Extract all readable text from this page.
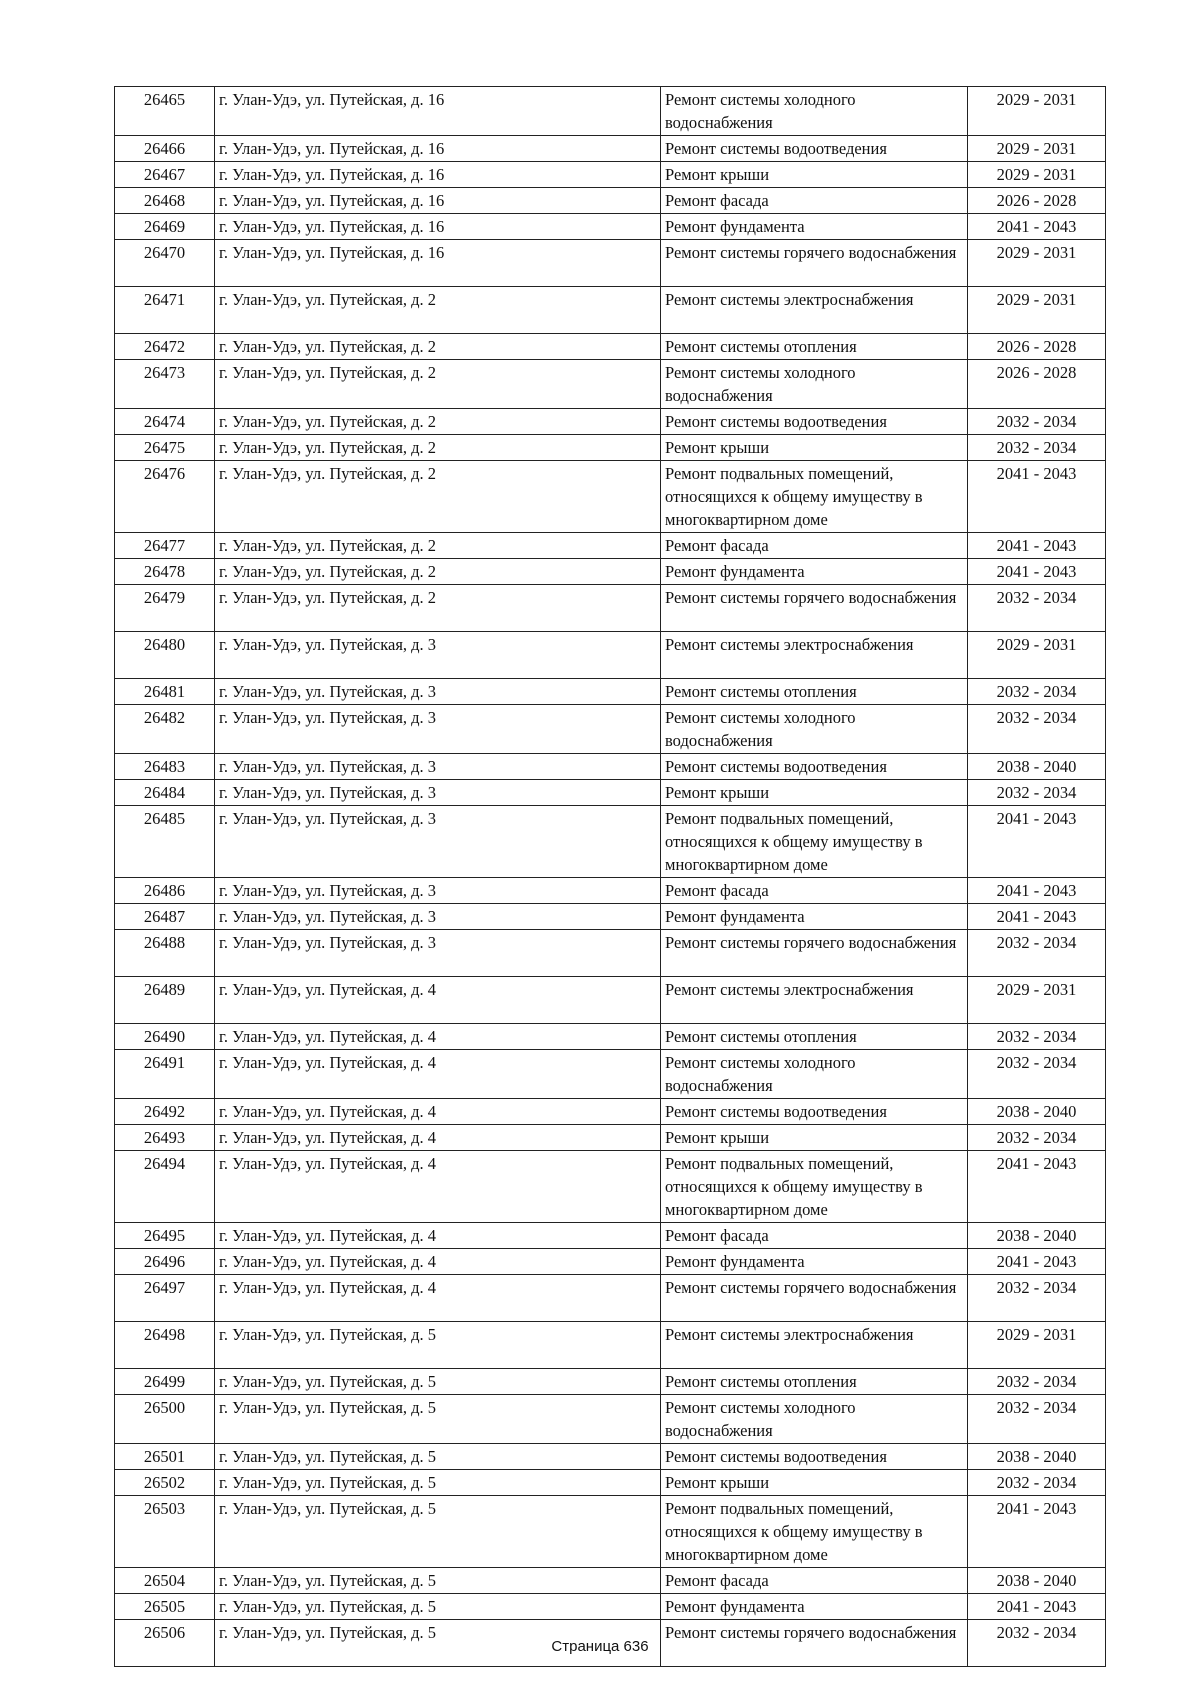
26465	г. Улан-Удэ, ул. Путейская, д. 16	Ремонт системы холодного водоснабжения	2029 - 2031
26466	г. Улан-Удэ, ул. Путейская, д. 16	Ремонт системы водоотведения	2029 - 2031
26467	г. Улан-Удэ, ул. Путейская, д. 16	Ремонт крыши	2029 - 2031
26468	г. Улан-Удэ, ул. Путейская, д. 16	Ремонт фасада	2026 - 2028
26469	г. Улан-Удэ, ул. Путейская, д. 16	Ремонт фундамента	2041 - 2043
26470	г. Улан-Удэ, ул. Путейская, д. 16	Ремонт системы горячего водоснабжения	2029 - 2031
26471	г. Улан-Удэ, ул. Путейская, д. 2	Ремонт системы электроснабжения	2029 - 2031
26472	г. Улан-Удэ, ул. Путейская, д. 2	Ремонт системы отопления	2026 - 2028
26473	г. Улан-Удэ, ул. Путейская, д. 2	Ремонт системы холодного водоснабжения	2026 - 2028
26474	г. Улан-Удэ, ул. Путейская, д. 2	Ремонт системы водоотведения	2032 - 2034
26475	г. Улан-Удэ, ул. Путейская, д. 2	Ремонт крыши	2032 - 2034
26476	г. Улан-Удэ, ул. Путейская, д. 2	Ремонт подвальных помещений, относящихся к общему имуществу в многоквартирном доме	2041 - 2043
26477	г. Улан-Удэ, ул. Путейская, д. 2	Ремонт фасада	2041 - 2043
26478	г. Улан-Удэ, ул. Путейская, д. 2	Ремонт фундамента	2041 - 2043
26479	г. Улан-Удэ, ул. Путейская, д. 2	Ремонт системы горячего водоснабжения	2032 - 2034
26480	г. Улан-Удэ, ул. Путейская, д. 3	Ремонт системы электроснабжения	2029 - 2031
26481	г. Улан-Удэ, ул. Путейская, д. 3	Ремонт системы отопления	2032 - 2034
26482	г. Улан-Удэ, ул. Путейская, д. 3	Ремонт системы холодного водоснабжения	2032 - 2034
26483	г. Улан-Удэ, ул. Путейская, д. 3	Ремонт системы водоотведения	2038 - 2040
26484	г. Улан-Удэ, ул. Путейская, д. 3	Ремонт крыши	2032 - 2034
26485	г. Улан-Удэ, ул. Путейская, д. 3	Ремонт подвальных помещений, относящихся к общему имуществу в многоквартирном доме	2041 - 2043
26486	г. Улан-Удэ, ул. Путейская, д. 3	Ремонт фасада	2041 - 2043
26487	г. Улан-Удэ, ул. Путейская, д. 3	Ремонт фундамента	2041 - 2043
26488	г. Улан-Удэ, ул. Путейская, д. 3	Ремонт системы горячего водоснабжения	2032 - 2034
26489	г. Улан-Удэ, ул. Путейская, д. 4	Ремонт системы электроснабжения	2029 - 2031
26490	г. Улан-Удэ, ул. Путейская, д. 4	Ремонт системы отопления	2032 - 2034
26491	г. Улан-Удэ, ул. Путейская, д. 4	Ремонт системы холодного водоснабжения	2032 - 2034
26492	г. Улан-Удэ, ул. Путейская, д. 4	Ремонт системы водоотведения	2038 - 2040
26493	г. Улан-Удэ, ул. Путейская, д. 4	Ремонт крыши	2032 - 2034
26494	г. Улан-Удэ, ул. Путейская, д. 4	Ремонт подвальных помещений, относящихся к общему имуществу в многоквартирном доме	2041 - 2043
26495	г. Улан-Удэ, ул. Путейская, д. 4	Ремонт фасада	2038 - 2040
26496	г. Улан-Удэ, ул. Путейская, д. 4	Ремонт фундамента	2041 - 2043
26497	г. Улан-Удэ, ул. Путейская, д. 4	Ремонт системы горячего водоснабжения	2032 - 2034
26498	г. Улан-Удэ, ул. Путейская, д. 5	Ремонт системы электроснабжения	2029 - 2031
26499	г. Улан-Удэ, ул. Путейская, д. 5	Ремонт системы отопления	2032 - 2034
26500	г. Улан-Удэ, ул. Путейская, д. 5	Ремонт системы холодного водоснабжения	2032 - 2034
26501	г. Улан-Удэ, ул. Путейская, д. 5	Ремонт системы водоотведения	2038 - 2040
26502	г. Улан-Удэ, ул. Путейская, д. 5	Ремонт крыши	2032 - 2034
26503	г. Улан-Удэ, ул. Путейская, д. 5	Ремонт подвальных помещений, относящихся к общему имуществу в многоквартирном доме	2041 - 2043
26504	г. Улан-Удэ, ул. Путейская, д. 5	Ремонт фасада	2038 - 2040
26505	г. Улан-Удэ, ул. Путейская, д. 5	Ремонт фундамента	2041 - 2043
26506	г. Улан-Удэ, ул. Путейская, д. 5	Ремонт системы горячего водоснабжения	2032 - 2034
Страница 636
